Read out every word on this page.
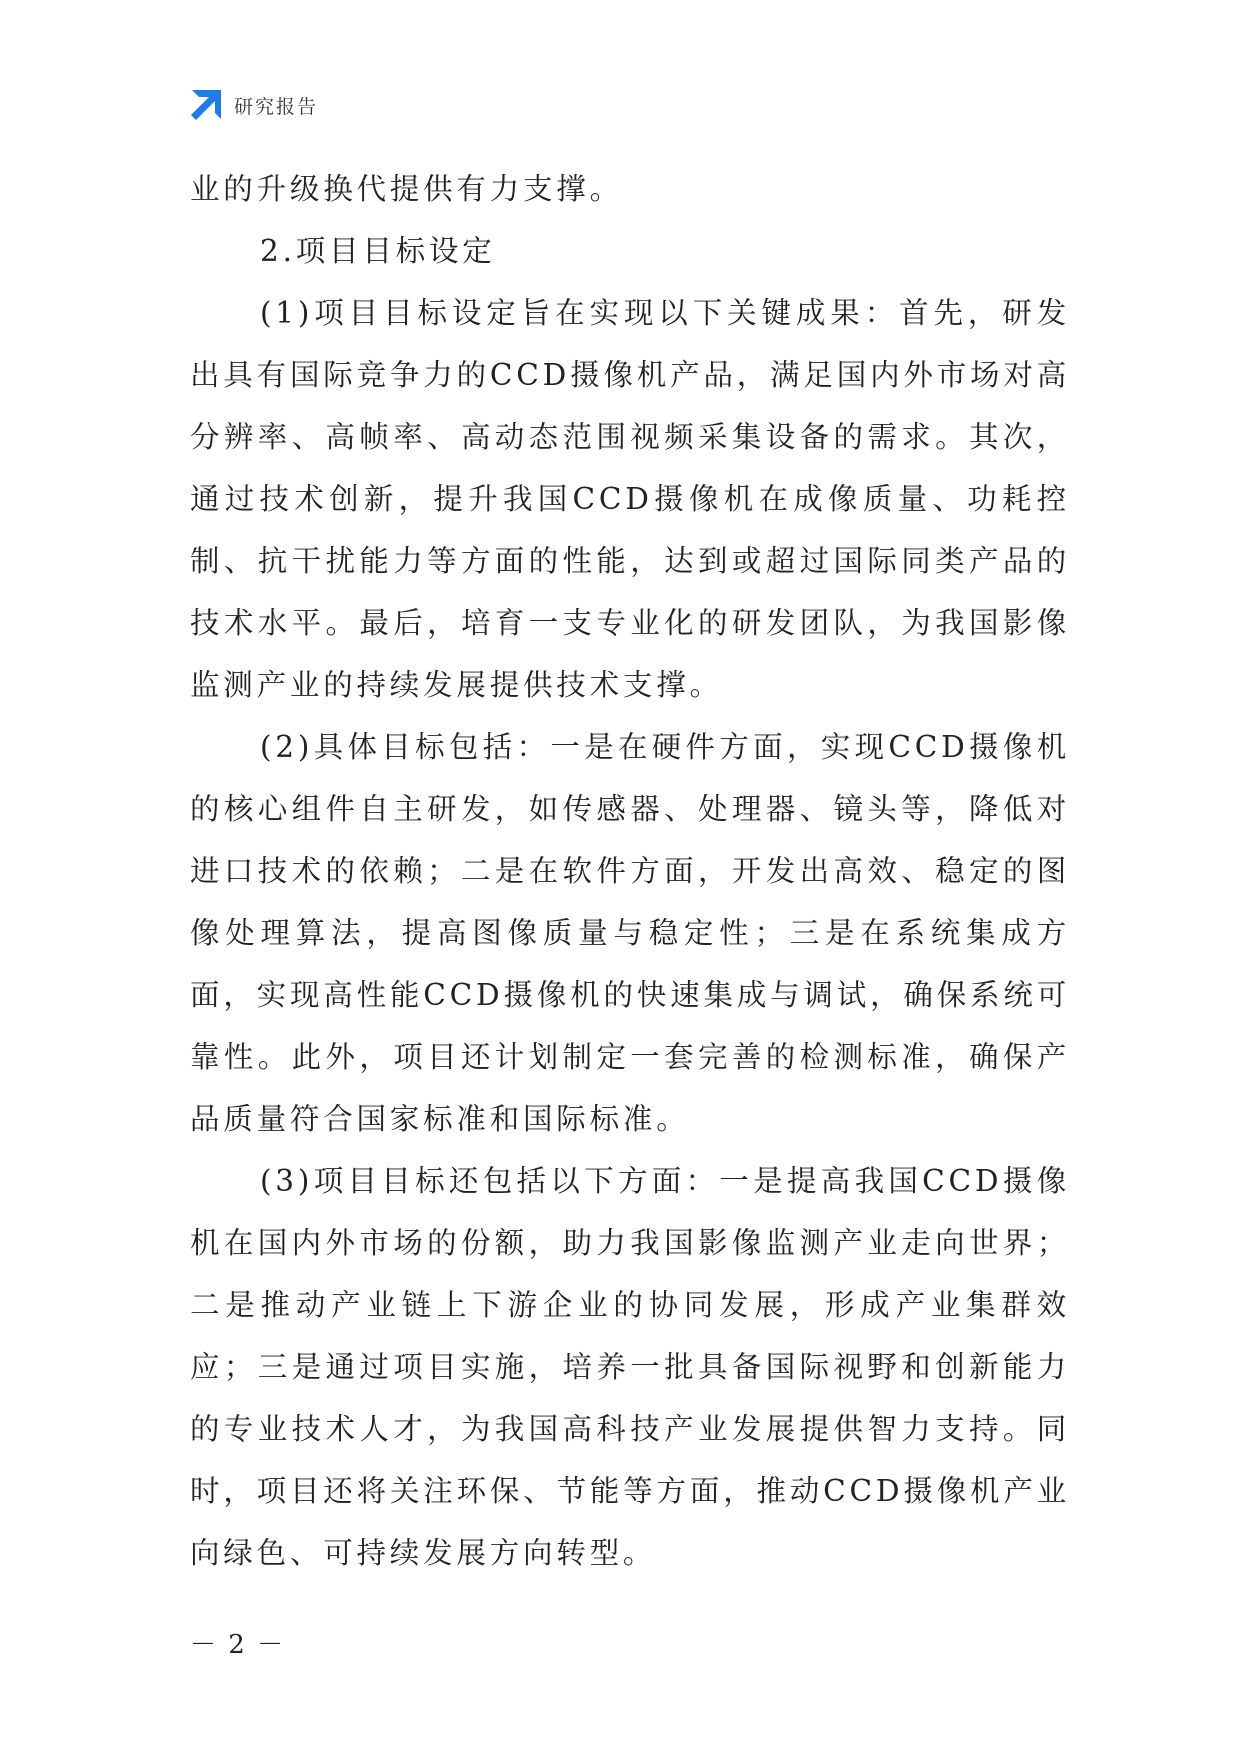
研究报告

业的升级换代提供有力支撑。

2.项目目标设定

(1)项目目标设定旨在实现以下关键成果：首先，研发出具有国际竞争力的CCD摄像机产品，满足国内外市场对高分辨率、高帧率、高动态范围视频采集设备的需求。其次，通过技术创新，提升我国CCD摄像机在成像质量、功耗控制、抗干扰能力等方面的性能，达到或超过国际同类产品的技术水平。最后，培育一支专业化的研发团队，为我国影像监测产业的持续发展提供技术支撑。

(2)具体目标包括：一是在硬件方面，实现CCD摄像机的核心组件自主研发，如传感器、处理器、镜头等，降低对进口技术的依赖；二是在软件方面，开发出高效、稳定的图像处理算法，提高图像质量与稳定性；三是在系统集成方面，实现高性能CCD摄像机的快速集成与调试，确保系统可靠性。此外，项目还计划制定一套完善的检测标准，确保产品质量符合国家标准和国际标准。

(3)项目目标还包括以下方面：一是提高我国CCD摄像机在国内外市场的份额，助力我国影像监测产业走向世界；二是推动产业链上下游企业的协同发展，形成产业集群效应；三是通过项目实施，培养一批具备国际视野和创新能力的专业技术人才，为我国高科技产业发展提供智力支持。同时，项目还将关注环保、节能等方面，推动CCD摄像机产业向绿色、可持续发展方向转型。

－ 2 －
